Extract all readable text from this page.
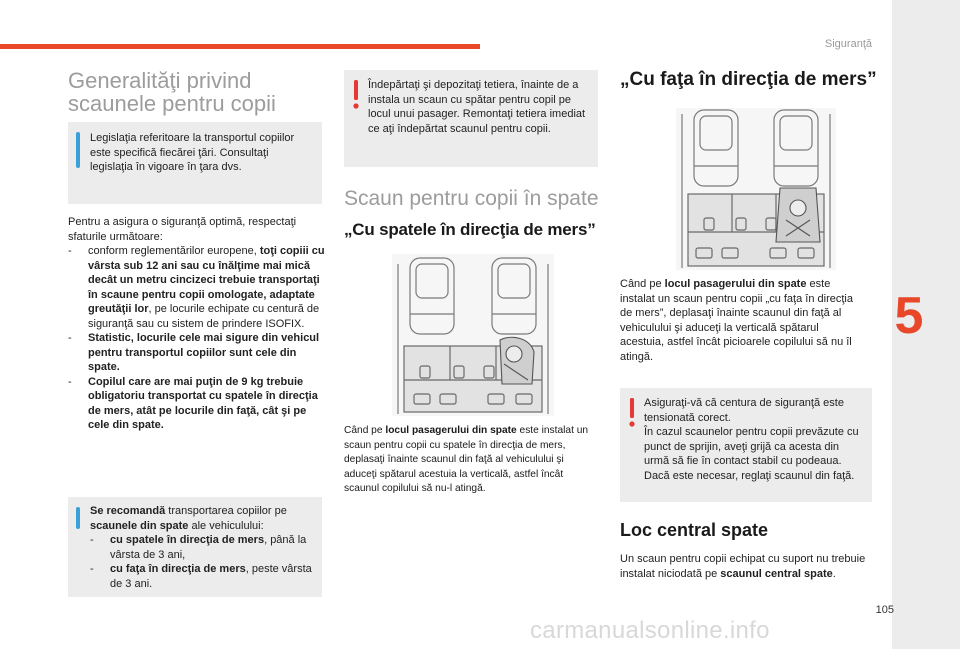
Siguranţă
5
Generalităţi privind
scaunele pentru copii
Legislaţia referitoare la transportul copiilor este specifică fiecărei ţări. Consultaţi legislaţia în vigoare în ţara dvs.
Pentru a asigura o siguranţă optimă, respectaţi sfaturile următoare:
- conform reglementărilor europene, toţi copiii cu vârsta sub 12 ani sau cu înălţime mai mică decât un metru cincizeci trebuie transportaţi în scaune pentru copii omologate, adaptate greutăţii lor, pe locurile echipate cu centură de siguranţă sau cu sistem de prindere ISOFIX.
- Statistic, locurile cele mai sigure din vehicul pentru transportul copiilor sunt cele din spate.
- Copilul care are mai puţin de 9 kg trebuie obligatoriu transportat cu spatele în direcţia de mers, atât pe locurile din faţă, cât şi pe cele din spate.
Se recomandă transportarea copiilor pe scaunele din spate ale vehiculului:
- cu spatele în direcţia de mers, până la vârsta de 3 ani,
- cu faţa în direcţia de mers, peste vârsta de 3 ani.
Îndepărtaţi şi depozitaţi tetiera, înainte de a instala un scaun cu spătar pentru copil pe locul unui pasager. Remontaţi tetiera imediat ce aţi îndepărtat scaunul pentru copii.
Scaun pentru copii în spate
„Cu spatele în direcţia de mers”
Când pe locul pasagerului din spate este instalat un scaun pentru copii cu spatele în direcţia de mers, deplasaţi înainte scaunul din faţă al vehiculului şi aduceţi spătarul acestuia la verticală, astfel încât scaunul copilului să nu-l atingă.
„Cu faţa în direcţia de mers”
Când pe locul pasagerului din spate este instalat un scaun pentru copii „cu faţa în direcţia de mers”, deplasaţi înainte scaunul din faţă al vehiculului şi aduceţi la verticală spătarul acestuia, astfel încât picioarele copilului să nu îl atingă.
Asiguraţi-vă că centura de siguranţă este tensionată corect.
În cazul scaunelor pentru copii prevăzute cu punct de sprijin, aveţi grijă ca acesta din urmă să fie în contact stabil cu podeaua. Dacă este necesar, reglaţi scaunul din faţă.
Loc central spate
Un scaun pentru copii echipat cu suport nu trebuie instalat niciodată pe scaunul central spate.
105
carmanualsonline.info
